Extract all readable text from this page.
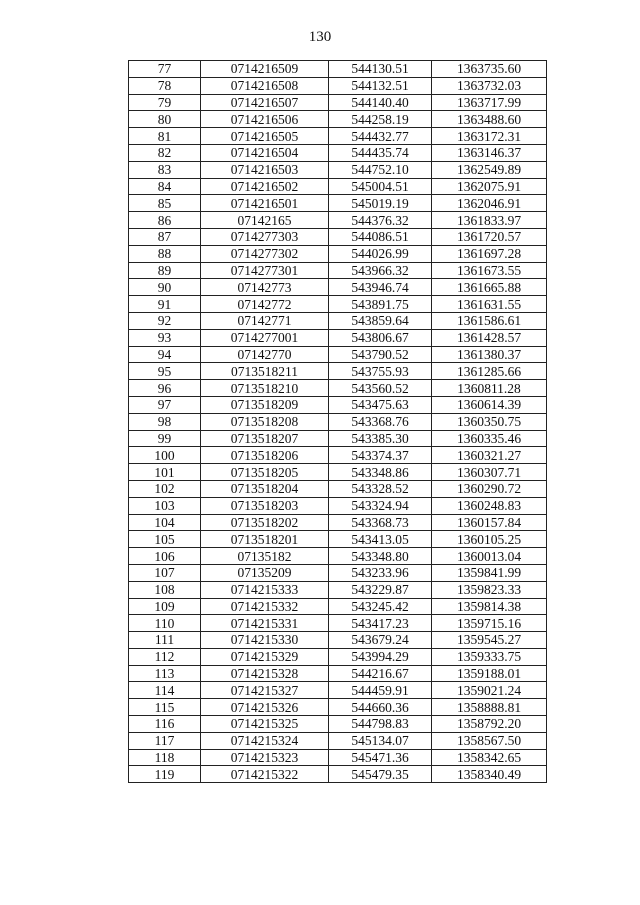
130
77	0714216509	544130.51	1363735.60
78	0714216508	544132.51	1363732.03
79	0714216507	544140.40	1363717.99
80	0714216506	544258.19	1363488.60
81	0714216505	544432.77	1363172.31
82	0714216504	544435.74	1363146.37
83	0714216503	544752.10	1362549.89
84	0714216502	545004.51	1362075.91
85	0714216501	545019.19	1362046.91
86	07142165	544376.32	1361833.97
87	0714277303	544086.51	1361720.57
88	0714277302	544026.99	1361697.28
89	0714277301	543966.32	1361673.55
90	07142773	543946.74	1361665.88
91	07142772	543891.75	1361631.55
92	07142771	543859.64	1361586.61
93	0714277001	543806.67	1361428.57
94	07142770	543790.52	1361380.37
95	0713518211	543755.93	1361285.66
96	0713518210	543560.52	1360811.28
97	0713518209	543475.63	1360614.39
98	0713518208	543368.76	1360350.75
99	0713518207	543385.30	1360335.46
100	0713518206	543374.37	1360321.27
101	0713518205	543348.86	1360307.71
102	0713518204	543328.52	1360290.72
103	0713518203	543324.94	1360248.83
104	0713518202	543368.73	1360157.84
105	0713518201	543413.05	1360105.25
106	07135182	543348.80	1360013.04
107	07135209	543233.96	1359841.99
108	0714215333	543229.87	1359823.33
109	0714215332	543245.42	1359814.38
110	0714215331	543417.23	1359715.16
111	0714215330	543679.24	1359545.27
112	0714215329	543994.29	1359333.75
113	0714215328	544216.67	1359188.01
114	0714215327	544459.91	1359021.24
115	0714215326	544660.36	1358888.81
116	0714215325	544798.83	1358792.20
117	0714215324	545134.07	1358567.50
118	0714215323	545471.36	1358342.65
119	0714215322	545479.35	1358340.49
